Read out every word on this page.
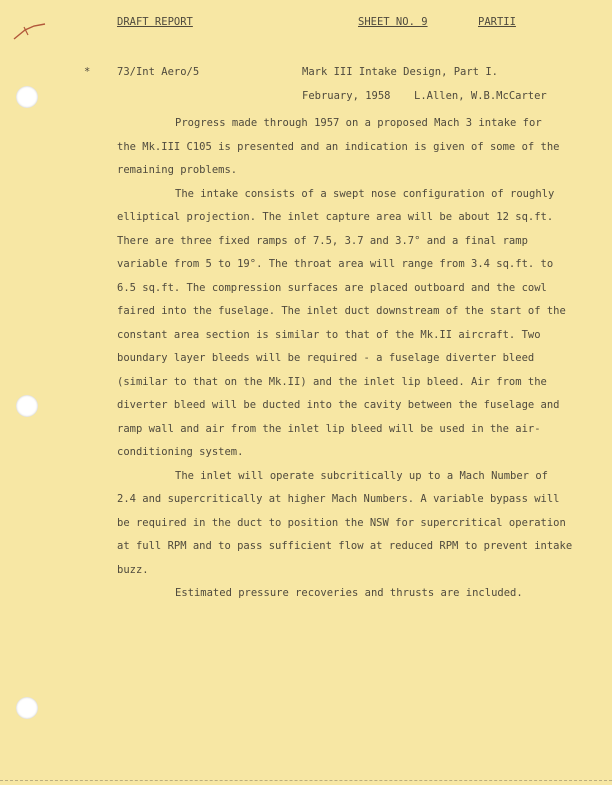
DRAFT REPORT	SHEET NO. 9	PARTII
*	73/Int Aero/5	Mark III Intake Design, Part I.
February, 1958 L.Allen, W.B.McCarter
Progress made through 1957 on a proposed Mach 3 intake for
the Mk.III C105 is presented and an indication is given of some of the
remaining problems.
The intake consists of a swept nose configuration of roughly
elliptical projection. The inlet capture area will be about 12 sq.ft.
There are three fixed ramps of 7.5, 3.7 and 3.7° and a final ramp
variable from 5 to 19°. The throat area will range from 3.4 sq.ft. to
6.5 sq.ft. The compression surfaces are placed outboard and the cowl
faired into the fuselage. The inlet duct downstream of the start of the
constant area section is similar to that of the Mk.II aircraft. Two
boundary layer bleeds will be required - a fuselage diverter bleed
(similar to that on the Mk.II) and the inlet lip bleed. Air from the
diverter bleed will be ducted into the cavity between the fuselage and
ramp wall and air from the inlet lip bleed will be used in the air-
conditioning system.
The inlet will operate subcritically up to a Mach Number of
2.4 and supercritically at higher Mach Numbers. A variable bypass will
be required in the duct to position the NSW for supercritical operation
at full RPM and to pass sufficient flow at reduced RPM to prevent intake
buzz.
Estimated pressure recoveries and thrusts are included.
